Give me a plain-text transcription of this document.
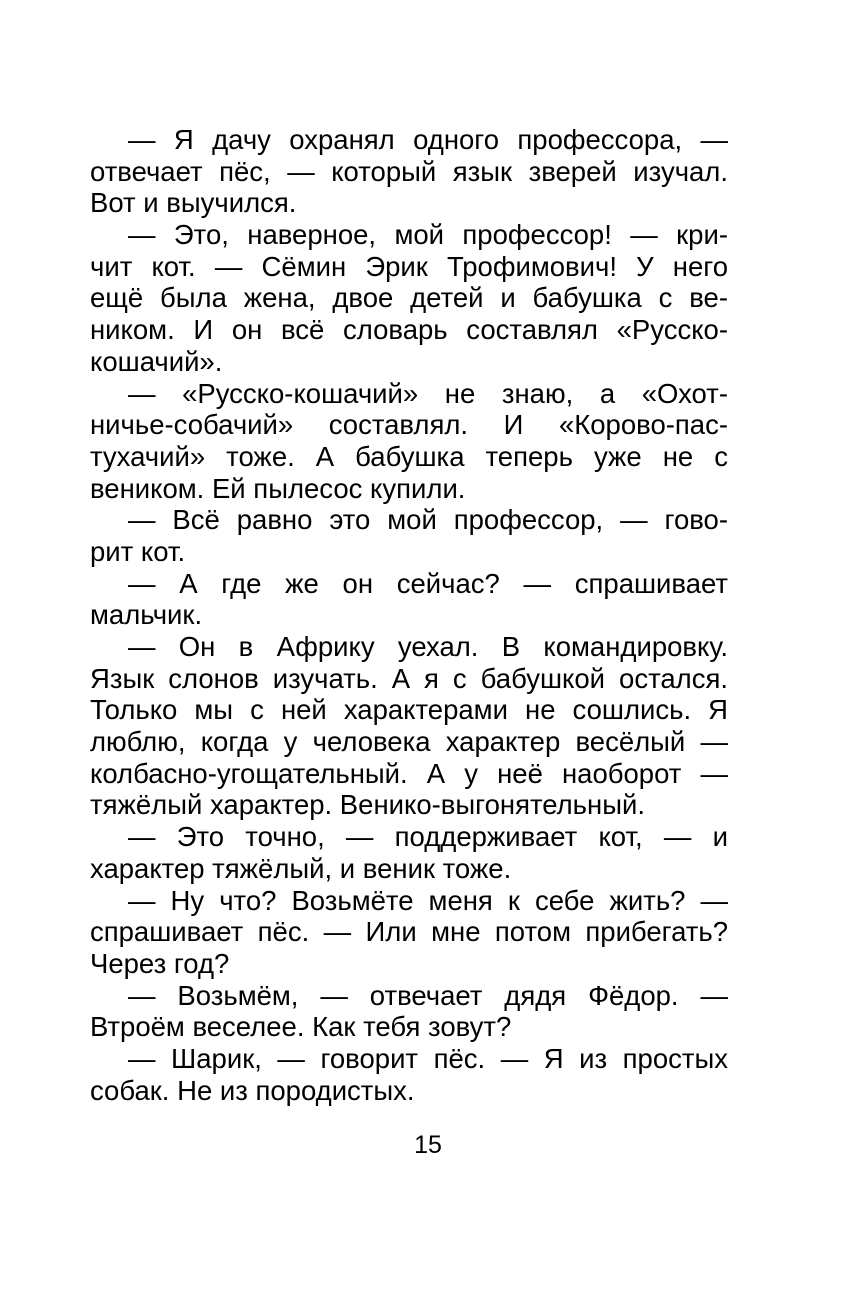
— Я дачу охранял одного профессора, —
отвечает пёс, — который язык зверей изучал.
Вот и выучился.
— Это, наверное, мой профессор! — кри-
чит кот. — Сёмин Эрик Трофимович! У него
ещё была жена, двое детей и бабушка с ве-
ником. И он всё словарь составлял «Русско-
кошачий».
— «Русско-кошачий» не знаю, а «Охот-
ничье-собачий» составлял. И «Корово-пас-
тухачий» тоже. А бабушка теперь уже не с
веником. Ей пылесос купили.
— Всё равно это мой профессор, — гово-
рит кот.
— А где же он сейчас? — спрашивает
мальчик.
— Он в Африку уехал. В командировку.
Язык слонов изучать. А я с бабушкой остался.
Только мы с ней характерами не сошлись. Я
люблю, когда у человека характер весёлый —
колбасно-угощательный. А у неё наоборот —
тяжёлый характер. Венико-выгонятельный.
— Это точно, — поддерживает кот, — и
характер тяжёлый, и веник тоже.
— Ну что? Возьмёте меня к себе жить? —
спрашивает пёс. — Или мне потом прибегать?
Через год?
— Возьмём, — отвечает дядя Фёдор. —
Втроём веселее. Как тебя зовут?
— Шарик, — говорит пёс. — Я из простых
собак. Не из породистых.
15
